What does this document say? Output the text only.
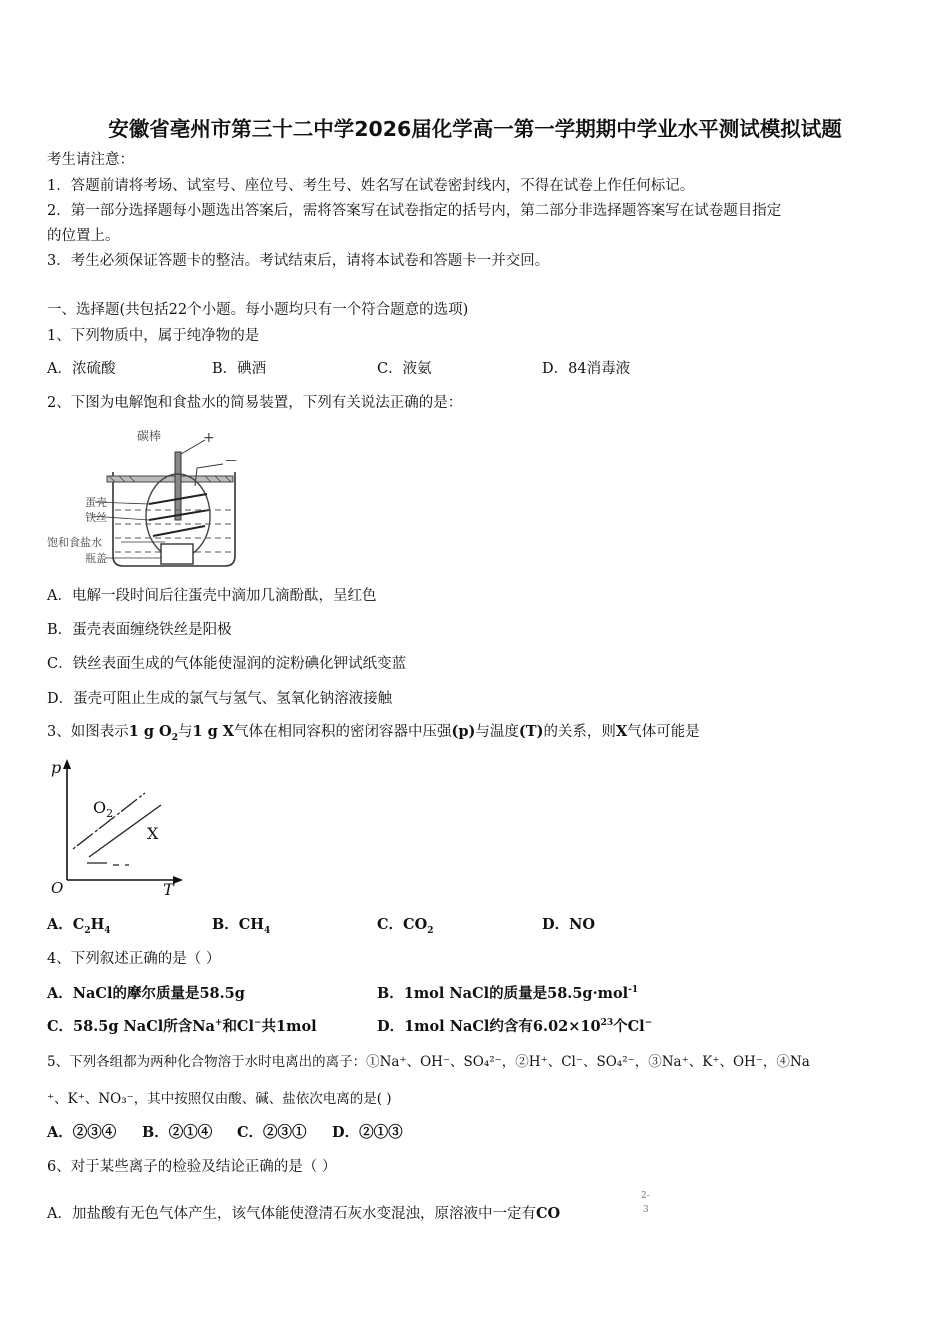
安徽省亳州市第三十二中学2026届化学高一第一学期期中学业水平测试模拟试题
考生请注意：
1．答题前请将考场、试室号、座位号、考生号、姓名写在试卷密封线内，不得在试卷上作任何标记。
2．第一部分选择题每小题选出答案后，需将答案写在试卷指定的括号内，第二部分非选择题答案写在试卷题目指定
的位置上。
3．考生必须保证答题卡的整洁。考试结束后，请将本试卷和答题卡一并交回。
一、选择题(共包括22个小题。每小题均只有一个符合题意的选项)
1、下列物质中，属于纯净物的是
A．浓硫酸	B．碘酒	C．液氨	D．84消毒液
2、下图为电解饱和食盐水的简易装置，下列有关说法正确的是：
碳棒	+
—
蛋壳
铁丝
饱和食盐水
瓶盖
A．电解一段时间后往蛋壳中滴加几滴酚酞，呈红色
B．蛋壳表面缠绕铁丝是阳极
C．铁丝表面生成的气体能使湿润的淀粉碘化钾试纸变蓝
D．蛋壳可阻止生成的氯气与氢气、氢氧化钠溶液接触
3、如图表示1 g $O_2$与1 g X气体在相同容积的密闭容器中压强(p)与温度(T)的关系，则X气体可能是
p
T
O
$O_2$
X
A．$C_2H_4$	B．$CH_4$	C．$CO_2$	D．NO
4、下列叙述正确的是（ ）
A．NaCl的摩尔质量是58.5g	B．1mol NaCl的质量是58.5g·mol$^{-1}$
C．58.5g NaCl所含Na+和Cl−共1mol	D．1mol NaCl约含有$6.02\times 10^{23}$个Cl−
5、下列各组都为两种化合物溶于水时电离出的离子：①Na⁺、OH⁻、SO₄²⁻，②H⁺、Cl⁻、SO₄²⁻，③Na⁺、K⁺、OH⁻，④Na
⁺、K⁺、NO₃⁻，其中按照仅由酸、碱、盐依次电离的是( )
A．②③④ B．②①④ C．②③① D．②①③
6、对于某些离子的检验及结论正确的是（ ）
A．加盐酸有无色气体产生，该气体能使澄清石灰水变混浊，原溶液中一定有CO
2-
3
